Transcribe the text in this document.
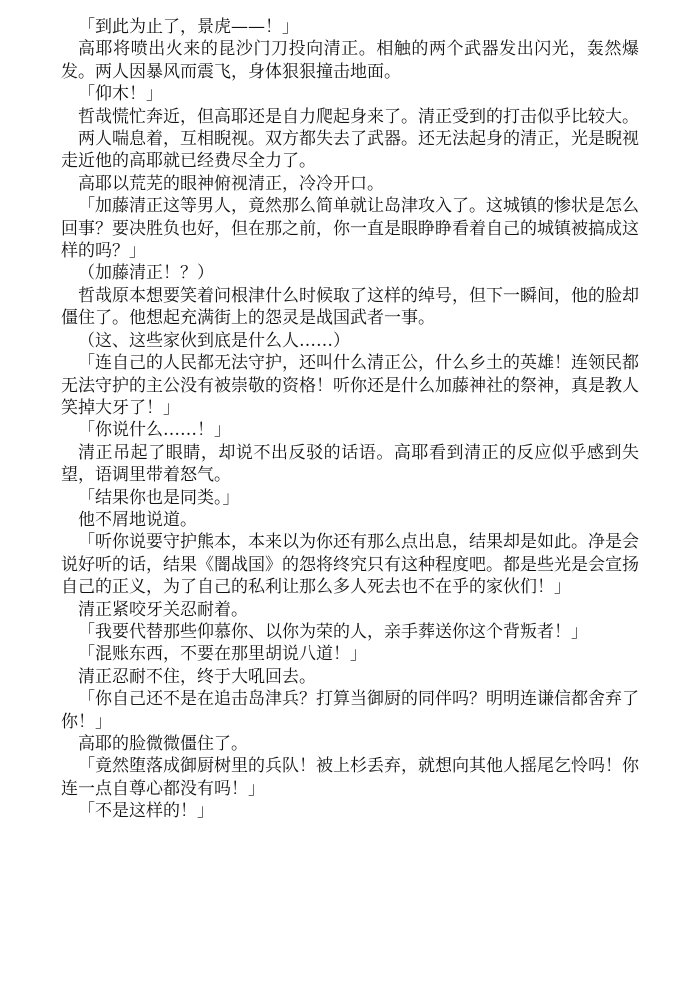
「到此为止了，景虎——！」

高耶将喷出火来的昆沙门刀投向清正。相触的两个武器发出闪光，轰然爆发。两人因暴风而震飞，身体狠狠撞击地面。

「仰木！」

哲哉慌忙奔近，但高耶还是自力爬起身来了。清正受到的打击似乎比较大。

两人喘息着，互相睨视。双方都失去了武器。还无法起身的清正，光是睨视走近他的高耶就已经费尽全力了。

高耶以荒芜的眼神俯视清正，冷冷开口。

「加藤清正这等男人，竟然那么简单就让岛津攻入了。这城镇的惨状是怎么回事？要决胜负也好，但在那之前，你一直是眼睁睁看着自己的城镇被搞成这样的吗？」

（加藤清正！？）

哲哉原本想要笑着问根津什么时候取了这样的绰号，但下一瞬间，他的脸却僵住了。他想起充满街上的怨灵是战国武者一事。

（这、这些家伙到底是什么人……）

「连自己的人民都无法守护，还叫什么清正公，什么乡土的英雄！连领民都无法守护的主公没有被崇敬的资格！听你还是什么加藤神社的祭神，真是教人笑掉大牙了！」

「你说什么……！」

清正吊起了眼睛，却说不出反驳的话语。高耶看到清正的反应似乎感到失望，语调里带着怒气。

「结果你也是同类。」

他不屑地说道。

「听你说要守护熊本，本来以为你还有那么点出息，结果却是如此。净是会说好听的话，结果《闇战国》的怨将终究只有这种程度吧。都是些光是会宣扬自己的正义，为了自己的私利让那么多人死去也不在乎的家伙们！」

清正紧咬牙关忍耐着。

「我要代替那些仰慕你、以你为荣的人，亲手葬送你这个背叛者！」

「混账东西，不要在那里胡说八道！」

清正忍耐不住，终于大吼回去。

「你自己还不是在追击岛津兵？打算当御厨的同伴吗？明明连谦信都舍弃了你！」

高耶的脸微微僵住了。

「竟然堕落成御厨树里的兵队！被上杉丢弃，就想向其他人摇尾乞怜吗！你连一点自尊心都没有吗！」

「不是这样的！」
